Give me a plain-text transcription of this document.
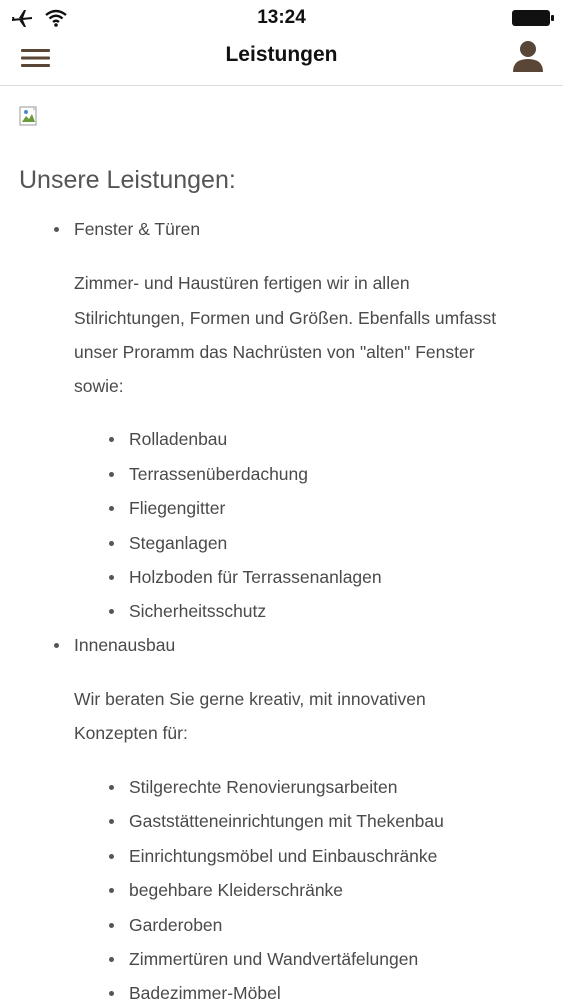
13:24
Leistungen
Unsere Leistungen:
Fenster & Türen
Zimmer- und Haustüren fertigen wir in allen
Stilrichtungen, Formen und Größen. Ebenfalls umfasst
unser Proramm das Nachrüsten von "alten" Fenster
sowie:
Rolladenbau
Terrassenüberdachung
Fliegengitter
Steganlagen
Holzboden für Terrassenanlagen
Sicherheitsschutz
Innenausbau
Wir beraten Sie gerne kreativ, mit innovativen
Konzepten für:
Stilgerechte Renovierungsarbeiten
Gaststätteneinrichtungen mit Thekenbau
Einrichtungsmöbel und Einbauschränke
begehbare Kleiderschränke
Garderoben
Zimmertüren und Wandvertäfelungen
Badezimmer-Möbel
